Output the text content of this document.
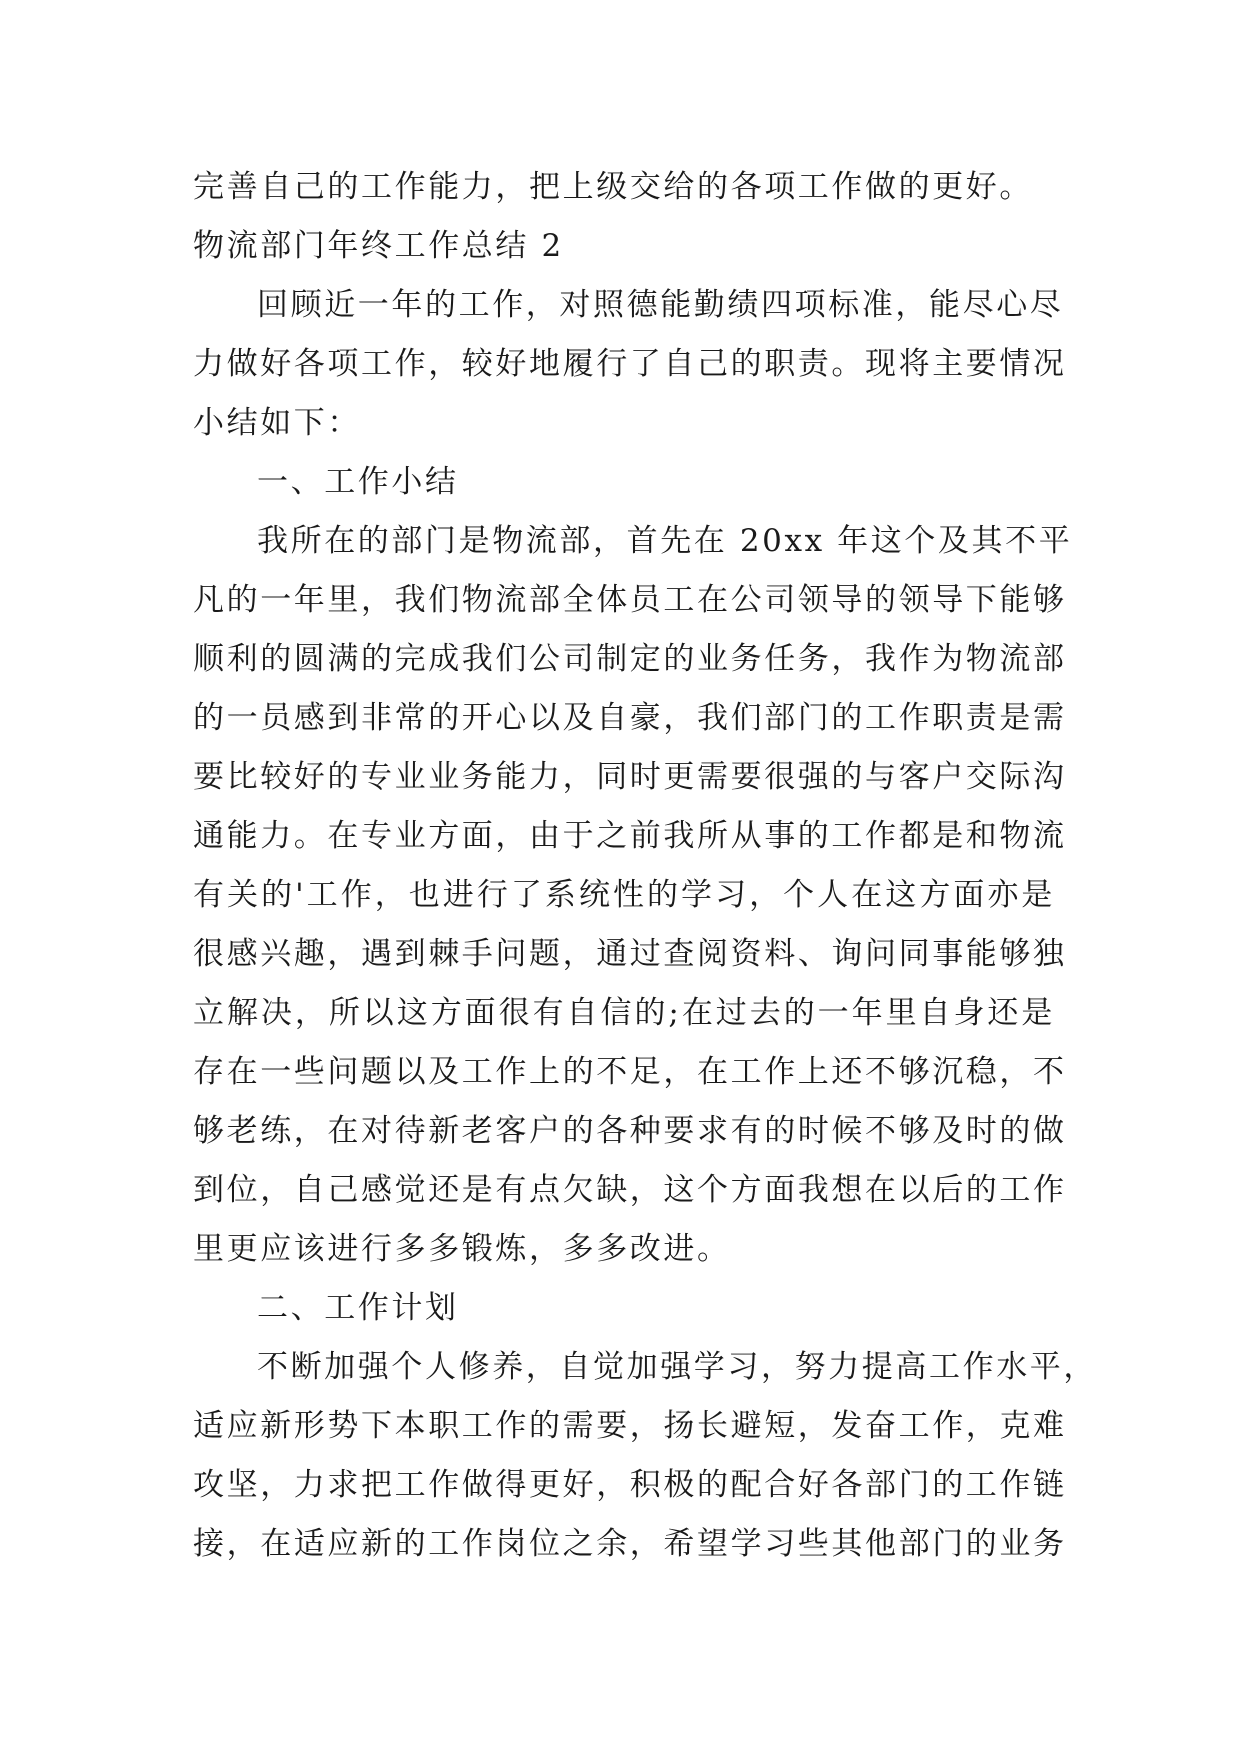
完善自己的工作能力，把上级交给的各项工作做的更好。
物流部门年终工作总结 2
回顾近一年的工作，对照德能勤绩四项标准，能尽心尽
力做好各项工作，较好地履行了自己的职责。现将主要情况
小结如下：
一、工作小结
我所在的部门是物流部，首先在 20xx 年这个及其不平
凡的一年里，我们物流部全体员工在公司领导的领导下能够
顺利的圆满的完成我们公司制定的业务任务，我作为物流部
的一员感到非常的开心以及自豪，我们部门的工作职责是需
要比较好的专业业务能力，同时更需要很强的与客户交际沟
通能力。在专业方面，由于之前我所从事的工作都是和物流
有关的'工作，也进行了系统性的学习，个人在这方面亦是
很感兴趣，遇到棘手问题，通过查阅资料、询问同事能够独
立解决，所以这方面很有自信的;在过去的一年里自身还是
存在一些问题以及工作上的不足，在工作上还不够沉稳，不
够老练，在对待新老客户的各种要求有的时候不够及时的做
到位，自己感觉还是有点欠缺，这个方面我想在以后的工作
里更应该进行多多锻炼，多多改进。
二、工作计划
不断加强个人修养，自觉加强学习，努力提高工作水平，
适应新形势下本职工作的需要，扬长避短，发奋工作，克难
攻坚，力求把工作做得更好，积极的配合好各部门的工作链
接，在适应新的工作岗位之余，希望学习些其他部门的业务
